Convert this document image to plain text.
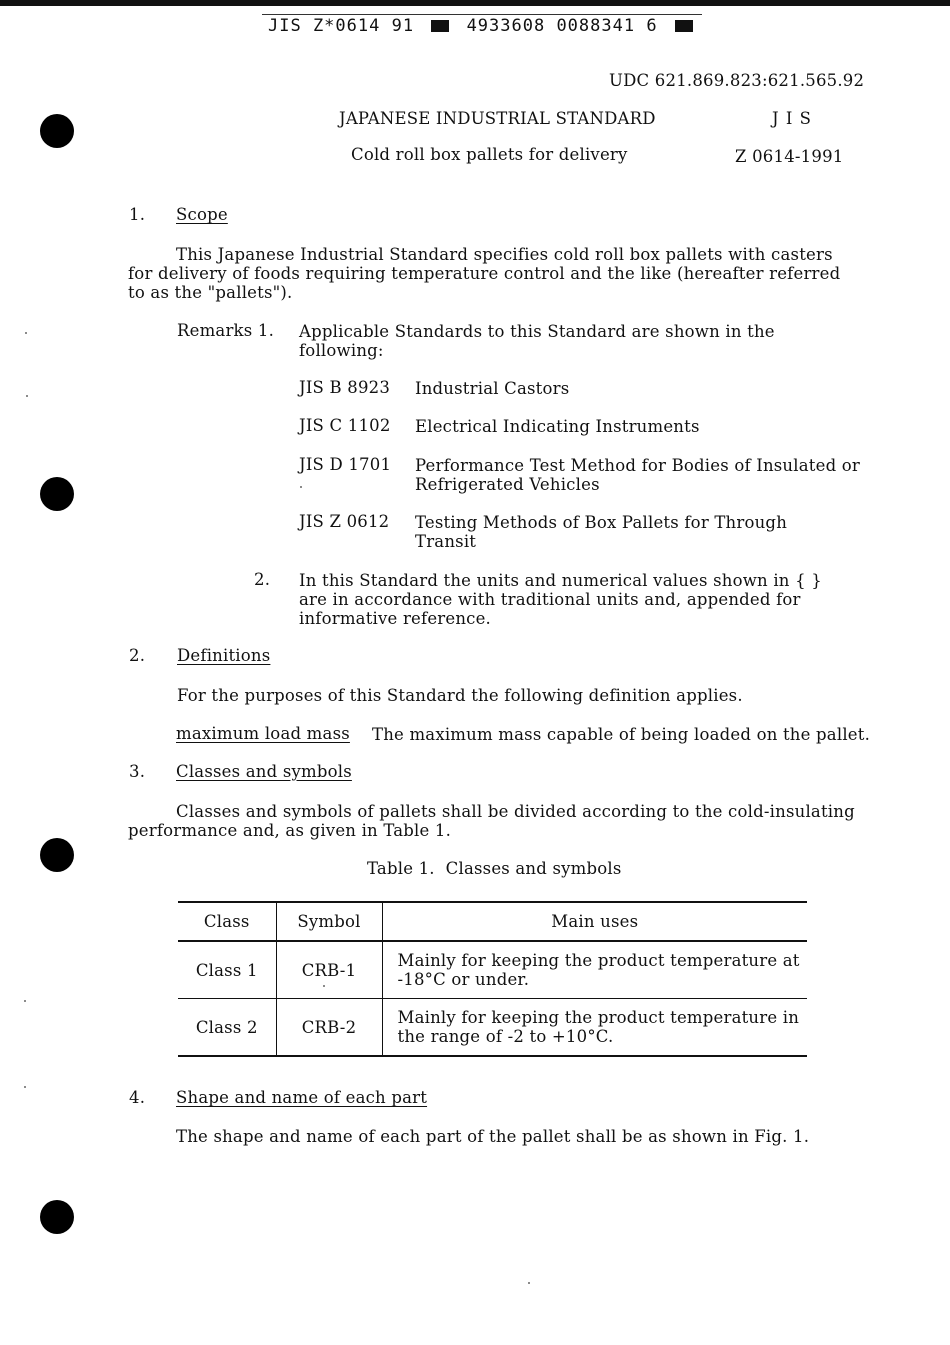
JIS Z*0614 91	4933608 0088341 6
UDC 621.869.823:621.565.92
JAPANESE INDUSTRIAL STANDARD	J I S
Cold roll box pallets for delivery	Z 0614-1991
1. Scope
This Japanese Industrial Standard specifies cold roll box pallets with casters for delivery of foods requiring temperature control and the like (hereafter referred to as the "pallets").
Remarks 1. Applicable Standards to this Standard are shown in the following:
JIS B 8923 Industrial Castors
JIS C 1102 Electrical Indicating Instruments
JIS D 1701 Performance Test Method for Bodies of Insulated or Refrigerated Vehicles
JIS Z 0612 Testing Methods of Box Pallets for Through Transit
2. In this Standard the units and numerical values shown in { } are in accordance with traditional units and, appended for informative reference.
2. Definitions
For the purposes of this Standard the following definition applies.
maximum load mass The maximum mass capable of being loaded on the pallet.
3. Classes and symbols
Classes and symbols of pallets shall be divided according to the cold-insulating performance and, as given in Table 1.
Table 1.  Classes and symbols
Class	Symbol	Main uses
Class 1	CRB-1	Mainly for keeping the product temperature at -18°C or under.
Class 2	CRB-2	Mainly for keeping the product temperature in the range of -2 to +10°C.
4. Shape and name of each part
The shape and name of each part of the pallet shall be as shown in Fig. 1.
